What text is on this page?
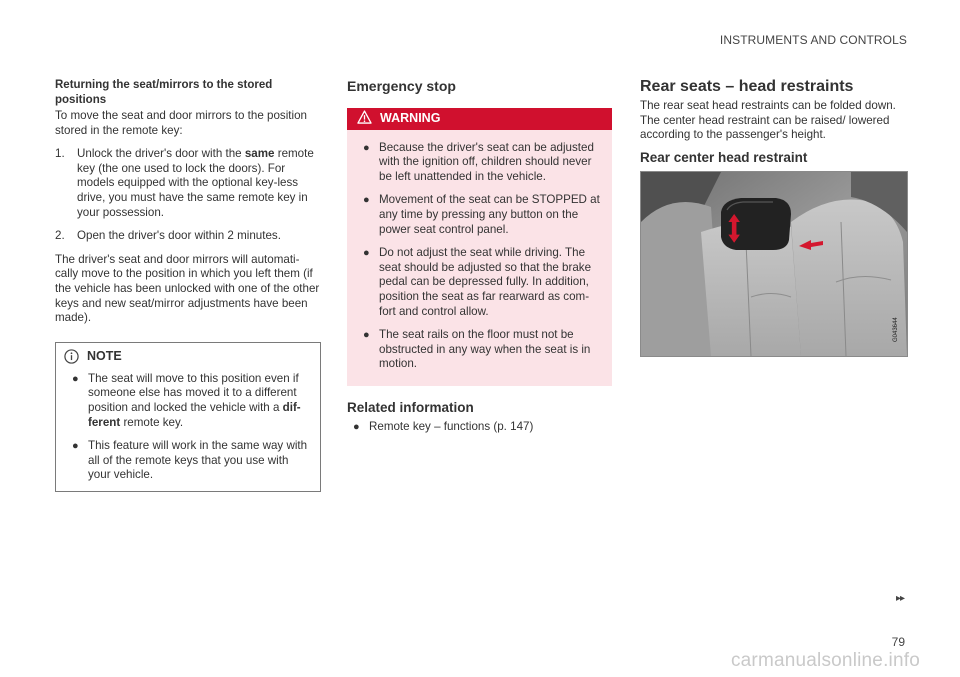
INSTRUMENTS AND CONTROLS
Returning the seat/mirrors to the stored positions

To move the seat and door mirrors to the position stored in the remote key:

1. Unlock the driver's door with the same remote key (the one used to lock the doors). For models equipped with the optional key-less drive, you must have the same remote key in your possession.
2. Open the driver's door within 2 minutes.

The driver's seat and door mirrors will automati-cally move to the position in which you left them (if the vehicle has been unlocked with one of the other keys and new seat/mirror adjustments have been made).

NOTE
● The seat will move to this position even if someone else has moved it to a different position and locked the vehicle with a dif-ferent remote key.
● This feature will work in the same way with all of the remote keys that you use with your vehicle.
Emergency stop
WARNING
● Because the driver's seat can be adjusted with the ignition off, children should never be left unattended in the vehicle.
● Movement of the seat can be STOPPED at any time by pressing any button on the power seat control panel.
● Do not adjust the seat while driving. The seat should be adjusted so that the brake pedal can be depressed fully. In addition, position the seat as far rearward as com-fort and control allow.
● The seat rails on the floor must not be obstructed in any way when the seat is in motion.
Related information
● Remote key – functions (p. 147)
Rear seats – head restraints

The rear seat head restraints can be folded down. The center head restraint can be raised/ lowered according to the passenger's height.

Rear center head restraint
G043644
▸▸
79
carmanualsonline.info
